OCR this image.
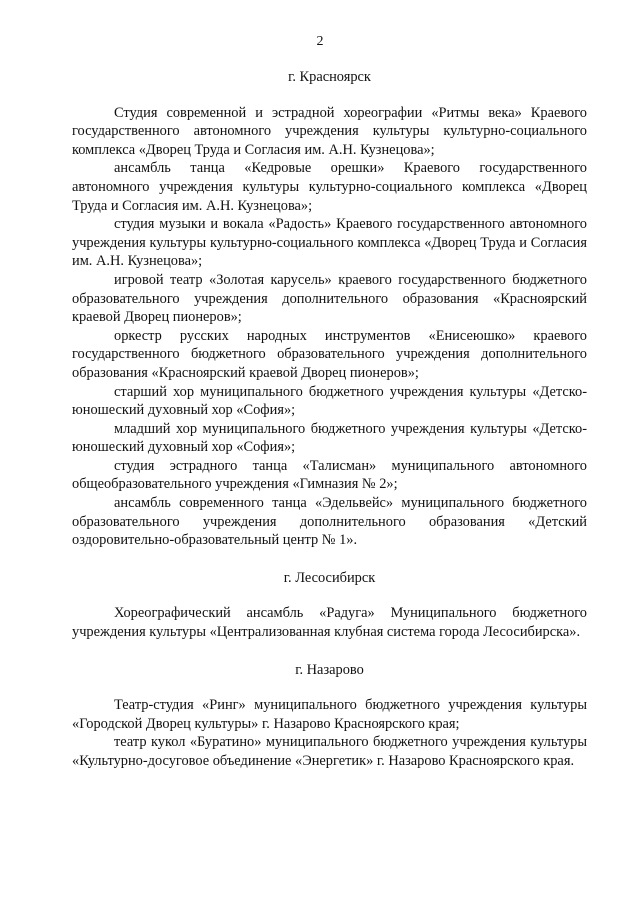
2

г. Красноярск

Студия современной и эстрадной хореографии «Ритмы века» Краевого государственного автономного учреждения культуры культурно-социального комплекса «Дворец Труда и Согласия им. А.Н. Кузнецова»;

ансамбль танца «Кедровые орешки» Краевого государственного автономного учреждения культуры культурно-социального комплекса «Дворец Труда и Согласия им. А.Н. Кузнецова»;

студия музыки и вокала «Радость» Краевого государственного автономного учреждения культуры культурно-социального комплекса «Дворец Труда и Согласия им. А.Н. Кузнецова»;

игровой театр «Золотая карусель» краевого государственного бюджетного образовательного учреждения дополнительного образования «Красноярский краевой Дворец пионеров»;

оркестр русских народных инструментов «Енисеюшко» краевого государственного бюджетного образовательного учреждения дополнительного образования «Красноярский краевой Дворец пионеров»;

старший хор муниципального бюджетного учреждения культуры «Детско-юношеский духовный хор «София»;

младший хор муниципального бюджетного учреждения культуры «Детско-юношеский духовный хор «София»;

студия эстрадного танца «Талисман» муниципального автономного общеобразовательного учреждения «Гимназия № 2»;

ансамбль современного танца «Эдельвейс» муниципального бюджетного образовательного учреждения дополнительного образования «Детский оздоровительно-образовательный центр № 1».

г. Лесосибирск

Хореографический ансамбль «Радуга» Муниципального бюджетного учреждения культуры «Централизованная клубная система города Лесосибирска».

г. Назарово

Театр-студия «Ринг» муниципального бюджетного учреждения культуры «Городской Дворец культуры» г. Назарово Красноярского края;

театр кукол «Буратино» муниципального бюджетного учреждения культуры «Культурно-досуговое объединение «Энергетик» г. Назарово Красноярского края.
